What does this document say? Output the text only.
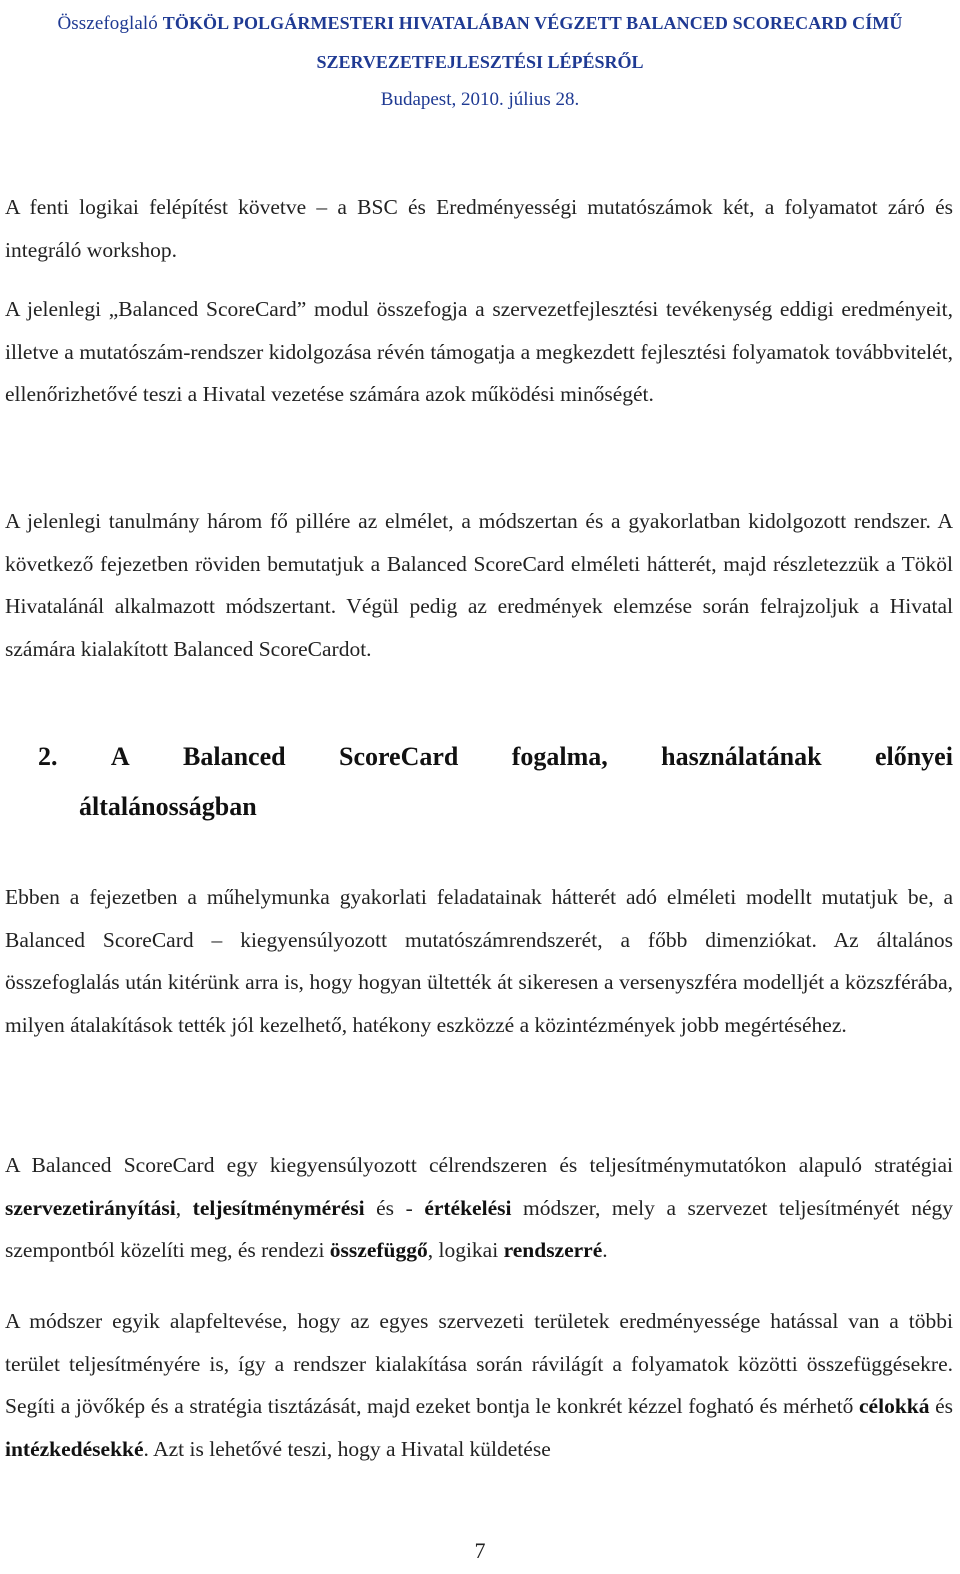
Összefoglaló TÖKÖL POLGÁRMESTERI HIVATALÁBAN VÉGZETT BALANCED SCORECARD CÍMŰ
SZERVEZETFEJLESZTÉSI LÉPÉSRŐL
Budapest, 2010. július 28.
A fenti logikai felépítést követve – a BSC és Eredményességi mutatószámok két, a folyamatot záró és integráló workshop.
A jelenlegi „Balanced ScoreCard” modul összefogja a szervezetfejlesztési tevékenység eddigi eredményeit, illetve a mutatószám-rendszer kidolgozása révén támogatja a megkezdett fejlesztési folyamatok továbbvitelét, ellenőrizhetővé teszi a Hivatal vezetése számára azok működési minőségét.
A jelenlegi tanulmány három fő pillére az elmélet, a módszertan és a gyakorlatban kidolgozott rendszer. A következő fejezetben röviden bemutatjuk a Balanced ScoreCard elméleti hátterét, majd részletezzük a Tököl Hivatalánál alkalmazott módszertant. Végül pedig az eredmények elemzése során felrajzoljuk a Hivatal számára kialakított Balanced ScoreCardot.
2. A Balanced ScoreCard fogalma, használatának előnyei
általánosságban
Ebben a fejezetben a műhelymunka gyakorlati feladatainak hátterét adó elméleti modellt mutatjuk be, a Balanced ScoreCard – kiegyensúlyozott mutatószámrendszerét, a főbb dimenziókat. Az általános összefoglalás után kitérünk arra is, hogy hogyan ültették át sikeresen a versenyszféra modelljét a közszférába, milyen átalakítások tették jól kezelhető, hatékony eszközzé a közintézmények jobb megértéséhez.
A Balanced ScoreCard egy kiegyensúlyozott célrendszeren és teljesítménymutatókon alapuló stratégiai szervezetirányítási, teljesítménymérési és - értékelési módszer, mely a szervezet teljesítményét négy szempontból közelíti meg, és rendezi összefüggő, logikai rendszerré.
A módszer egyik alapfeltevése, hogy az egyes szervezeti területek eredményessége hatással van a többi terület teljesítményére is, így a rendszer kialakítása során rávilágít a folyamatok közötti összefüggésekre. Segíti a jövőkép és a stratégia tisztázását, majd ezeket bontja le konkrét kézzel fogható és mérhető célokká és intézkedésekké. Azt is lehetővé teszi, hogy a Hivatal küldetése
7
